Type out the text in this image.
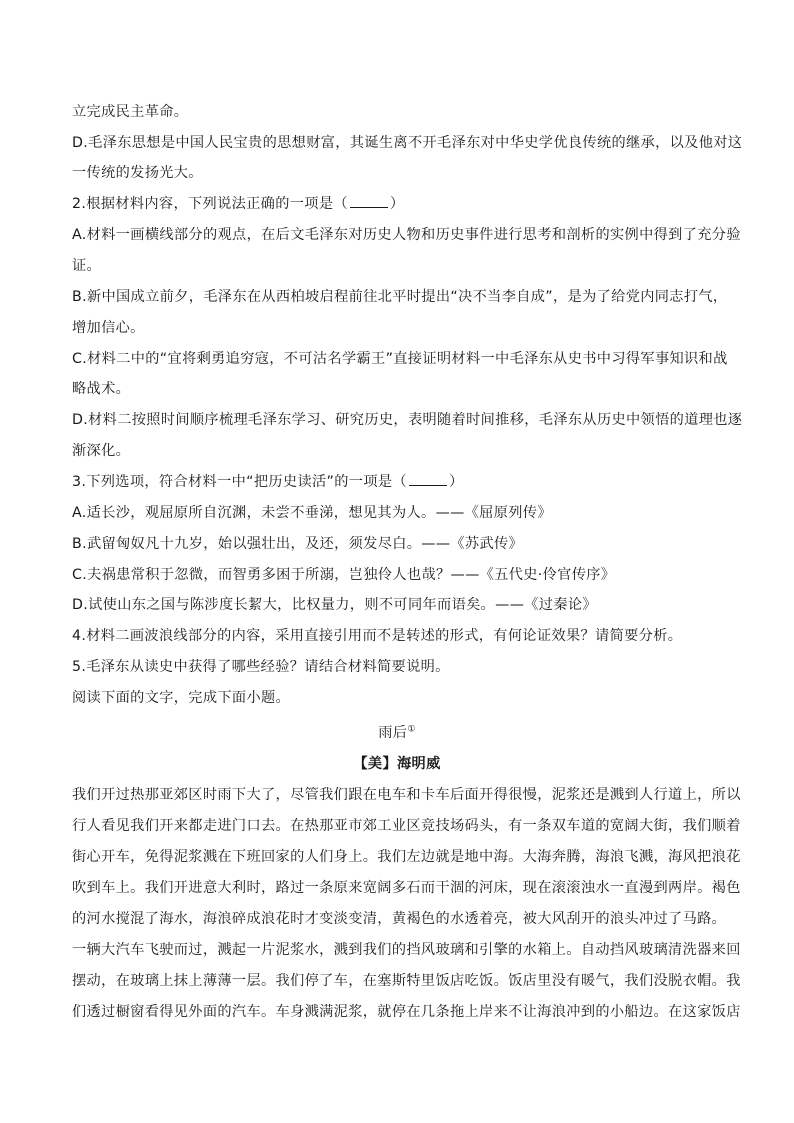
立完成民主革命。
D.毛泽东思想是中国人民宝贵的思想财富，其诞生离不开毛泽东对中华史学优良传统的继承，以及他对这
一传统的发扬光大。
2.根据材料内容，下列说法正确的一项是（	）
A.材料一画横线部分的观点，在后文毛泽东对历史人物和历史事件进行思考和剖析的实例中得到了充分验
证。
B.新中国成立前夕，毛泽东在从西柏坡启程前往北平时提出“决不当李自成”，是为了给党内同志打气，
增加信心。
C.材料二中的“宜将剩勇追穷寇，不可沽名学霸王”直接证明材料一中毛泽东从史书中习得军事知识和战
略战术。
D.材料二按照时间顺序梳理毛泽东学习、研究历史，表明随着时间推移，毛泽东从历史中领悟的道理也逐
渐深化。
3.下列选项，符合材料一中“把历史读活”的一项是（	）
A.适长沙，观屈原所自沉渊，未尝不垂涕，想见其为人。——《屈原列传》
B.武留匈奴凡十九岁，始以强壮出，及还，须发尽白。——《苏武传》
C.夫祸患常积于忽微，而智勇多困于所溺，岂独伶人也哉？——《五代史·伶官传序》
D.试使山东之国与陈涉度长絜大，比权量力，则不可同年而语矣。——《过秦论》
4.材料二画波浪线部分的内容，采用直接引用而不是转述的形式，有何论证效果？请简要分析。
5.毛泽东从读史中获得了哪些经验？请结合材料简要说明。
阅读下面的文字，完成下面小题。
雨后①
【美】海明威
我们开过热那亚郊区时雨下大了，尽管我们跟在电车和卡车后面开得很慢，泥浆还是溅到人行道上，所以
行人看见我们开来都走进门口去。在热那亚市郊工业区竞技场码头，有一条双车道的宽阔大街，我们顺着
街心开车，免得泥浆溅在下班回家的人们身上。我们左边就是地中海。大海奔腾，海浪飞溅，海风把浪花
吹到车上。我们开进意大利时，路过一条原来宽阔多石而干涸的河床，现在滚滚浊水一直漫到两岸。褐色
的河水搅混了海水，海浪碎成浪花时才变淡变清，黄褐色的水透着亮，被大风刮开的浪头冲过了马路。
一辆大汽车飞驶而过，溅起一片泥浆水，溅到我们的挡风玻璃和引擎的水箱上。自动挡风玻璃清洗器来回
摆动，在玻璃上抹上薄薄一层。我们停了车，在塞斯特里饭店吃饭。饭店里没有暖气，我们没脱衣帽。我
们透过橱窗看得见外面的汽车。车身溅满泥浆，就停在几条拖上岸来不让海浪冲到的小船边。在这家饭店
